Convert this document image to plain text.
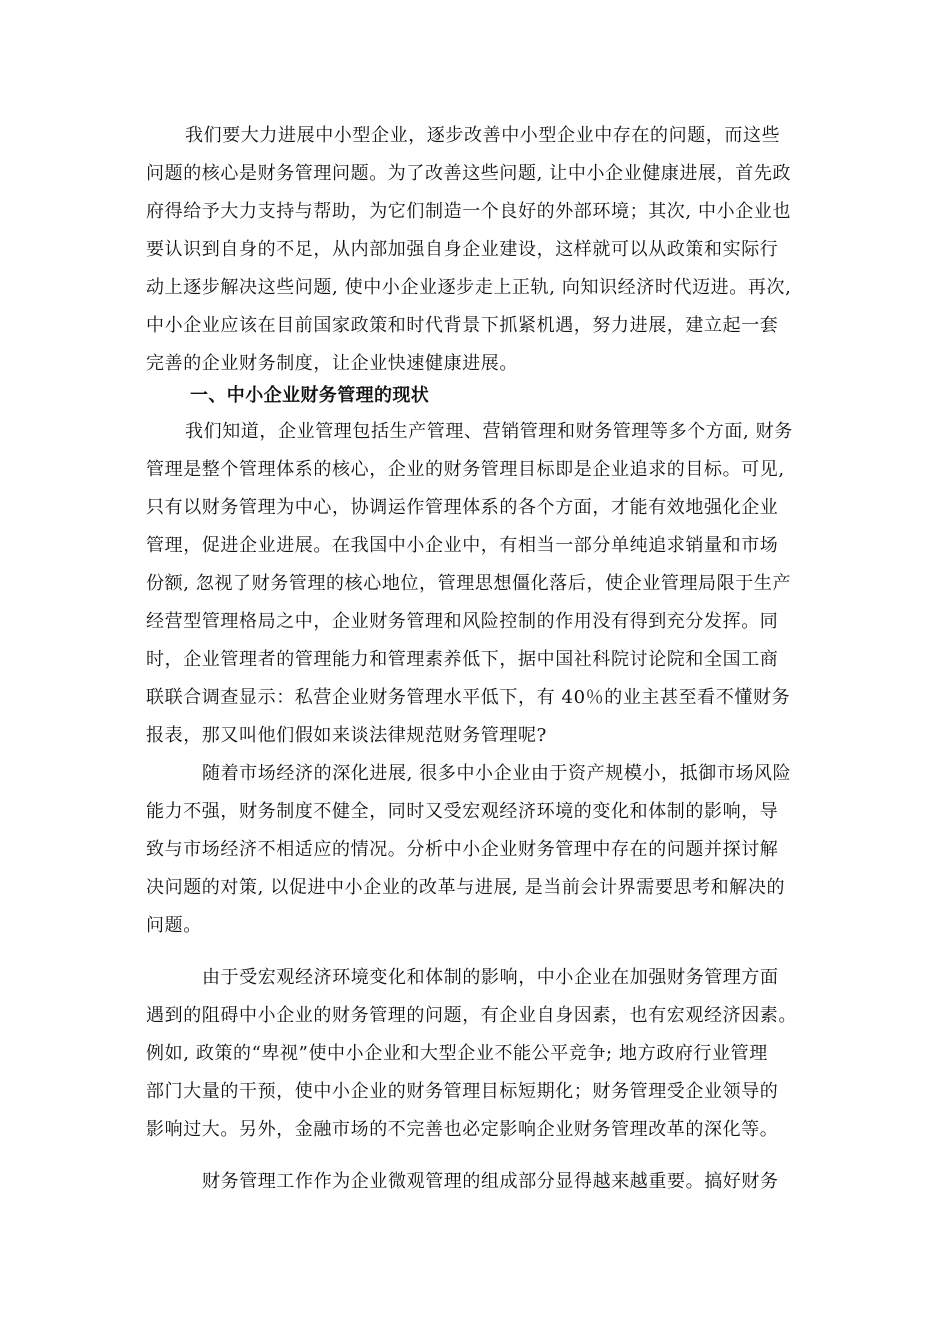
我们要大力进展中小型企业，逐步改善中小型企业中存在的问题，而这些
问题的核心是财务管理问题。为了改善这些问题, 让中小企业健康进展，首先政
府得给予大力支持与帮助，为它们制造一个良好的外部环境；其次, 中小企业也
要认识到自身的不足，从内部加强自身企业建设，这样就可以从政策和实际行
动上逐步解决这些问题, 使中小企业逐步走上正轨, 向知识经济时代迈进。再次,
中小企业应该在目前国家政策和时代背景下抓紧机遇，努力进展，建立起一套
完善的企业财务制度，让企业快速健康进展。
一、中小企业财务管理的现状
我们知道，企业管理包括生产管理、营销管理和财务管理等多个方面, 财务
管理是整个管理体系的核心，企业的财务管理目标即是企业追求的目标。可见,
只有以财务管理为中心，协调运作管理体系的各个方面，才能有效地强化企业
管理，促进企业进展。在我国中小企业中，有相当一部分单纯追求销量和市场
份额, 忽视了财务管理的核心地位，管理思想僵化落后，使企业管理局限于生产
经营型管理格局之中，企业财务管理和风险控制的作用没有得到充分发挥。同
时，企业管理者的管理能力和管理素养低下，据中国社科院讨论院和全国工商
联联合调查显示：私营企业财务管理水平低下，有 40％的业主甚至看不懂财务
报表，那又叫他们假如来谈法律规范财务管理呢?
随着市场经济的深化进展, 很多中小企业由于资产规模小，抵御市场风险
能力不强，财务制度不健全，同时又受宏观经济环境的变化和体制的影响，导
致与市场经济不相适应的情况。分析中小企业财务管理中存在的问题并探讨解
决问题的对策, 以促进中小企业的改革与进展, 是当前会计界需要思考和解决的
问题。
由于受宏观经济环境变化和体制的影响，中小企业在加强财务管理方面
遇到的阻碍中小企业的财务管理的问题，有企业自身因素，也有宏观经济因素。
例如, 政策的“卑视”使中小企业和大型企业不能公平竞争; 地方政府行业管理
部门大量的干预，使中小企业的财务管理目标短期化；财务管理受企业领导的
影响过大。另外，金融市场的不完善也必定影响企业财务管理改革的深化等。
财务管理工作作为企业微观管理的组成部分显得越来越重要。搞好财务
